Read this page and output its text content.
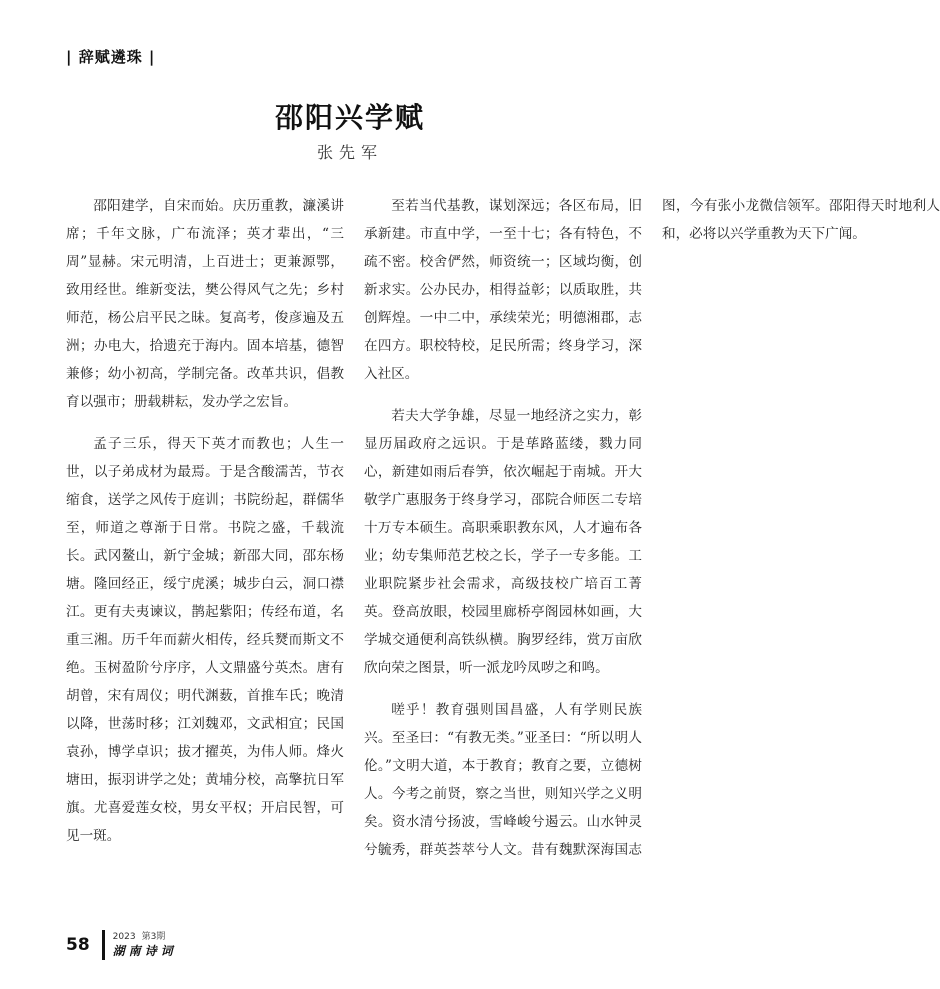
| 辞赋遴珠 |
邵阳兴学赋
张先军

邵阳建学，自宋而始。庆历重教，濂溪讲席；千年文脉，广布流泽；英才辈出，“三周”显赫。宋元明清，上百进士；更兼源鄂，致用经世。维新变法，樊公得风气之先；乡村师范，杨公启平民之昧。复高考，俊彦遍及五洲；办电大，拾遗充于海内。固本培基，德智兼修；幼小初高，学制完备。改革共识，倡教育以强市；册载耕耘，发办学之宏旨。

孟子三乐，得天下英才而教也；人生一世，以子弟成材为最焉。于是含酸濡苦，节衣缩食，送学之风传于庭训；书院纷起，群儒华至，师道之尊渐于日常。书院之盛，千载流长。武冈鳌山，新宁金城；新邵大同，邵东杨塘。隆回经正，绥宁虎溪；城步白云，洞口襟江。更有夫夷谏议，鹊起紫阳；传经布道，名重三湘。历千年而薪火相传，经兵燹而斯文不绝。玉树盈阶兮序序，人文鼎盛兮英杰。唐有胡曾，宋有周仪；明代渊薮，首推车氏；晚清以降，世荡时移；江刘魏邓，文武相宜；民国袁孙，博学卓识；拔才擢英，为伟人师。烽火塘田，振羽讲学之处；黄埔分校，高擎抗日军旗。尤喜爱莲女校，男女平权；开启民智，可见一斑。

至若当代基教，谋划深远；各区布局，旧承新建。市直中学，一至十七；各有特色，不疏不密。校舍俨然，师资统一；区域均衡，创新求实。公办民办，相得益彰；以质取胜，共创辉煌。一中二中，承续荣光；明德湘郡，志在四方。职校特校，足民所需；终身学习，深入社区。

若夫大学争雄，尽显一地经济之实力，彰显历届政府之远识。于是荜路蓝缕，戮力同心，新建如雨后春笋，依次崛起于南城。开大敬学广惠服务于终身学习，邵院合师医二专培十万专本硕生。高职乘职教东风，人才遍布各业；幼专集师范艺校之长，学子一专多能。工业职院紧步社会需求，高级技校广培百工菁英。登高放眼，校园里廊桥亭阁园林如画，大学城交通便利高铁纵横。胸罗经纬，赏万亩欣欣向荣之图景，听一派龙吟凤哕之和鸣。

嗟乎！教育强则国昌盛，人有学则民族兴。至圣曰：“有教无类。”亚圣曰：“所以明人伦。”文明大道，本于教育；教育之要，立德树人。今考之前贤，察之当世，则知兴学之义明矣。资水清兮扬波，雪峰峻兮遏云。山水钟灵兮毓秀，群英荟萃兮人文。昔有魏默深海国志图，今有张小龙微信领军。邵阳得天时地利人和，必将以兴学重教为天下广闻。

58	2023 第3期
湖南诗词
